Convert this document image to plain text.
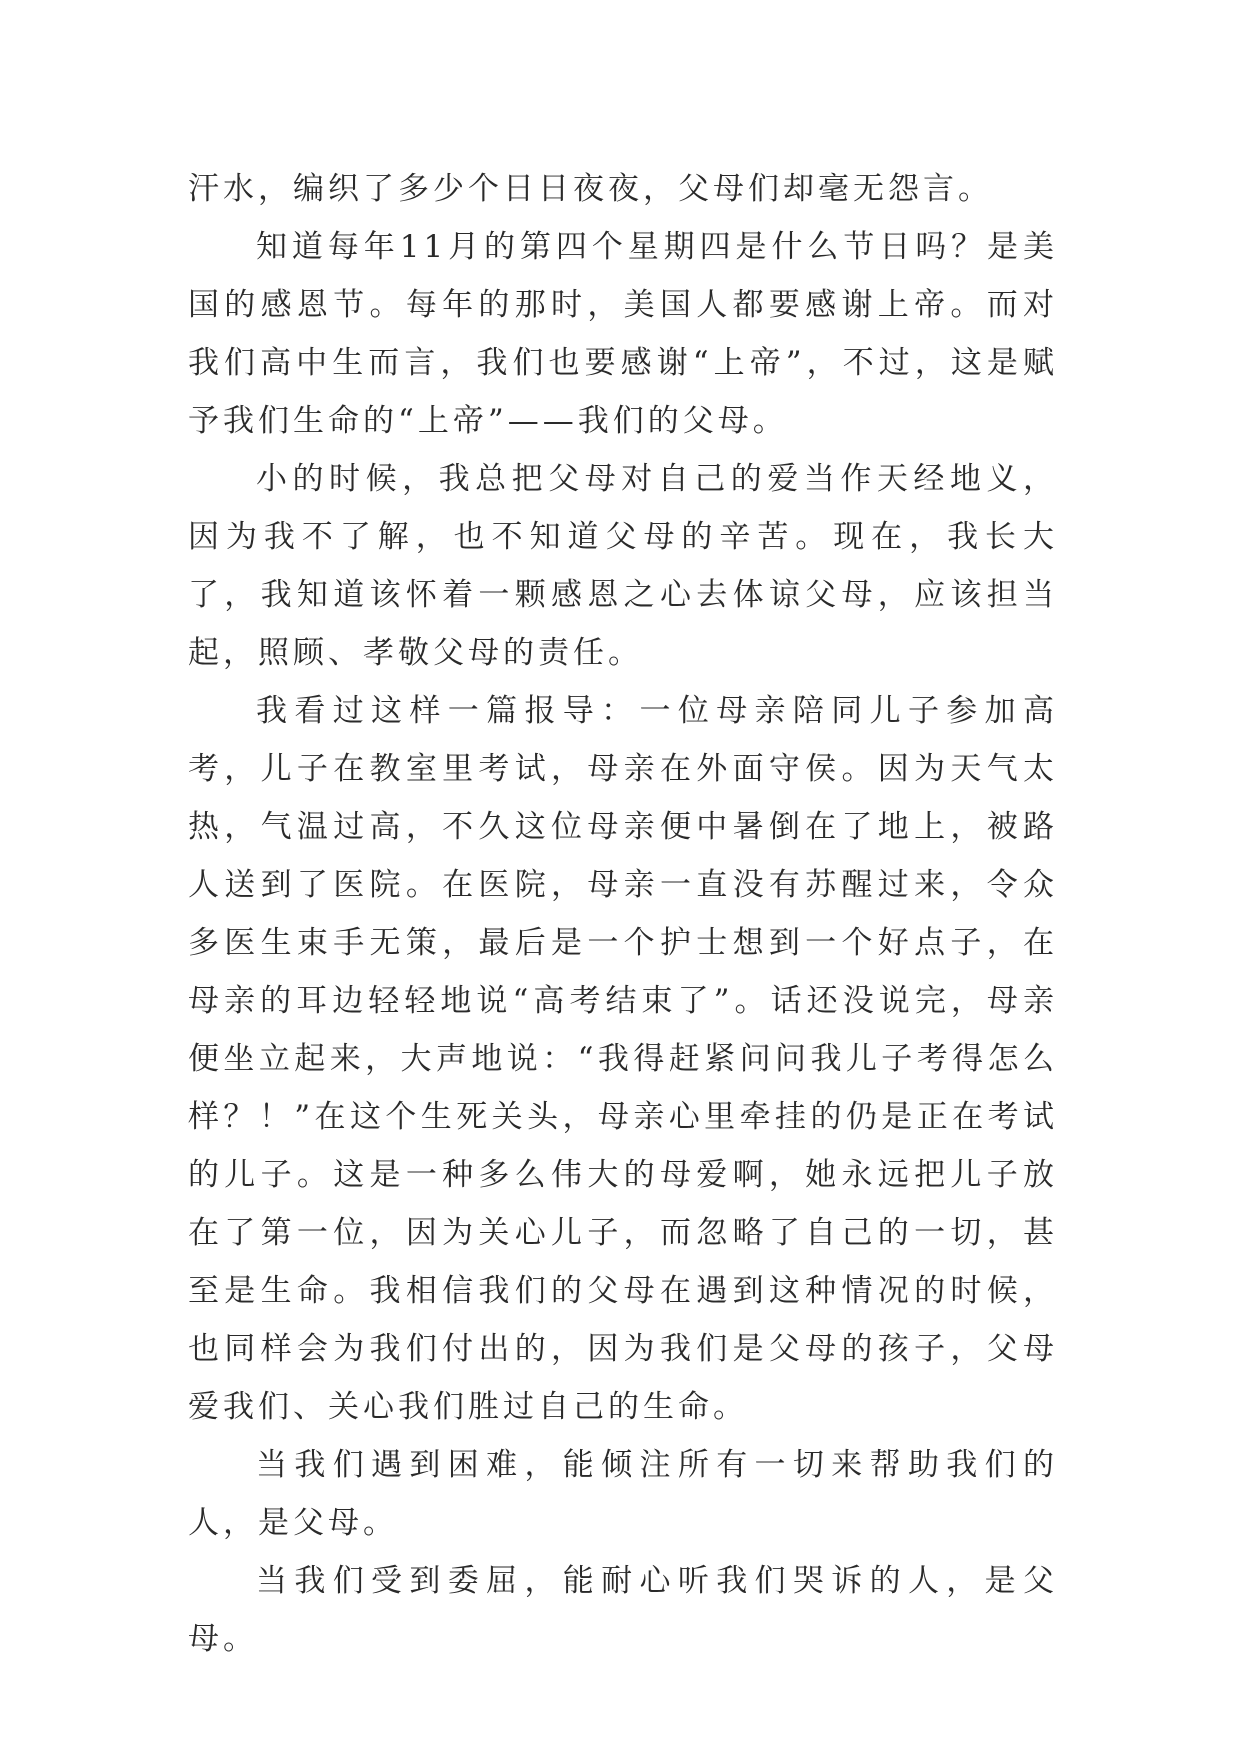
汗水，编织了多少个日日夜夜，父母们却毫无怨言。

知道每年11月的第四个星期四是什么节日吗？是美国的感恩节。每年的那时，美国人都要感谢上帝。而对我们高中生而言，我们也要感谢“上帝”，不过，这是赋予我们生命的“上帝”——我们的父母。

小的时候，我总把父母对自己的爱当作天经地义，因为我不了解，也不知道父母的辛苦。现在，我长大了，我知道该怀着一颗感恩之心去体谅父母，应该担当起，照顾、孝敬父母的责任。

我看过这样一篇报导：一位母亲陪同儿子参加高考，儿子在教室里考试，母亲在外面守侯。因为天气太热，气温过高，不久这位母亲便中暑倒在了地上，被路人送到了医院。在医院，母亲一直没有苏醒过来，令众多医生束手无策，最后是一个护士想到一个好点子，在母亲的耳边轻轻地说“高考结束了”。话还没说完，母亲便坐立起来，大声地说：“我得赶紧问问我儿子考得怎么样？！”在这个生死关头，母亲心里牵挂的仍是正在考试的儿子。这是一种多么伟大的母爱啊，她永远把儿子放在了第一位，因为关心儿子，而忽略了自己的一切，甚至是生命。我相信我们的父母在遇到这种情况的时候，也同样会为我们付出的，因为我们是父母的孩子，父母爱我们、关心我们胜过自己的生命。

当我们遇到困难，能倾注所有一切来帮助我们的人，是父母。

当我们受到委屈，能耐心听我们哭诉的人，是父母。
